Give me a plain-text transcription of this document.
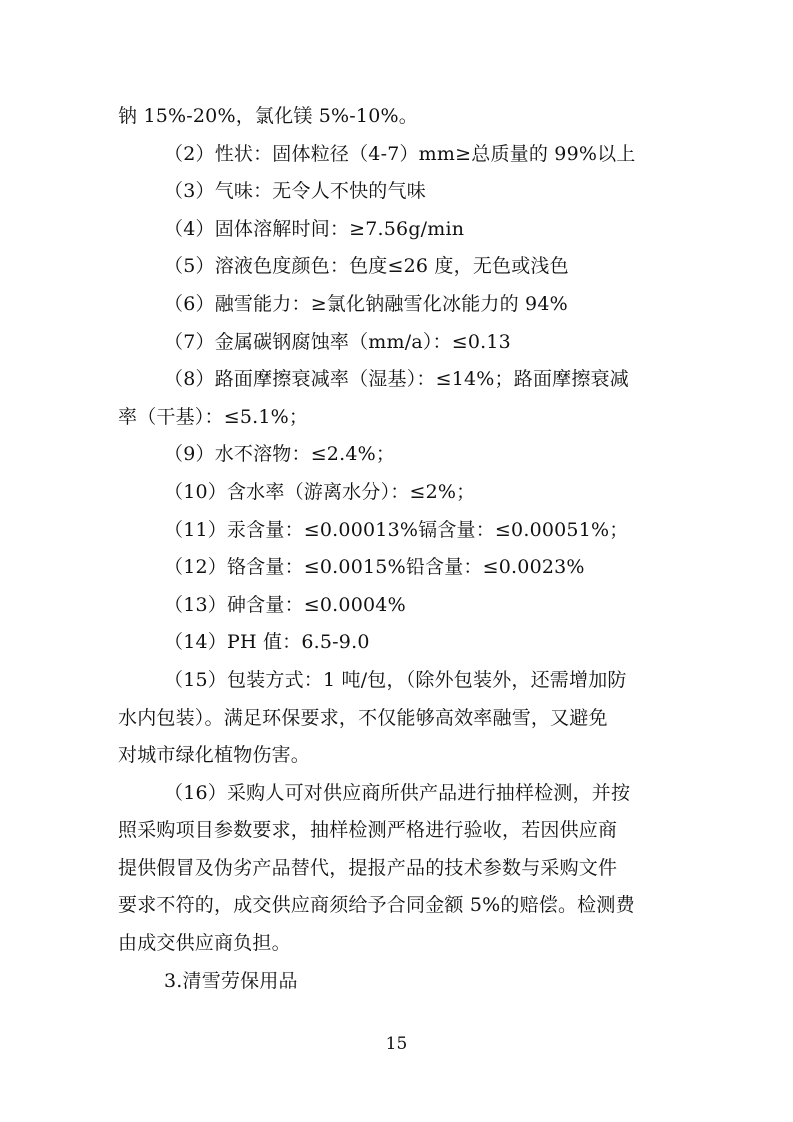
钠 15%-20%，氯化镁 5%-10%。
（2）性状：固体粒径（4-7）mm≥总质量的 99%以上
（3）气味：无令人不快的气味
（4）固体溶解时间：≥7.56g/min
（5）溶液色度颜色：色度≤26 度，无色或浅色
（6）融雪能力：≥氯化钠融雪化冰能力的 94%
（7）金属碳钢腐蚀率（mm/a）：≤0.13
（8）路面摩擦衰减率（湿基）：≤14%；路面摩擦衰减
率（干基）：≤5.1%；
（9）水不溶物：≤2.4%；
（10）含水率（游离水分）：≤2%；
（11）汞含量：≤0.00013%镉含量：≤0.00051%；
（12）铬含量：≤0.0015%铅含量：≤0.0023%
（13）砷含量：≤0.0004%
（14）PH 值：6.5-9.0
（15）包装方式：1 吨/包，（除外包装外，还需增加防
水内包装）。满足环保要求，不仅能够高效率融雪，又避免
对城市绿化植物伤害。
（16）采购人可对供应商所供产品进行抽样检测，并按
照采购项目参数要求，抽样检测严格进行验收，若因供应商
提供假冒及伪劣产品替代，提报产品的技术参数与采购文件
要求不符的，成交供应商须给予合同金额 5%的赔偿。检测费
由成交供应商负担。
3.清雪劳保用品
15
